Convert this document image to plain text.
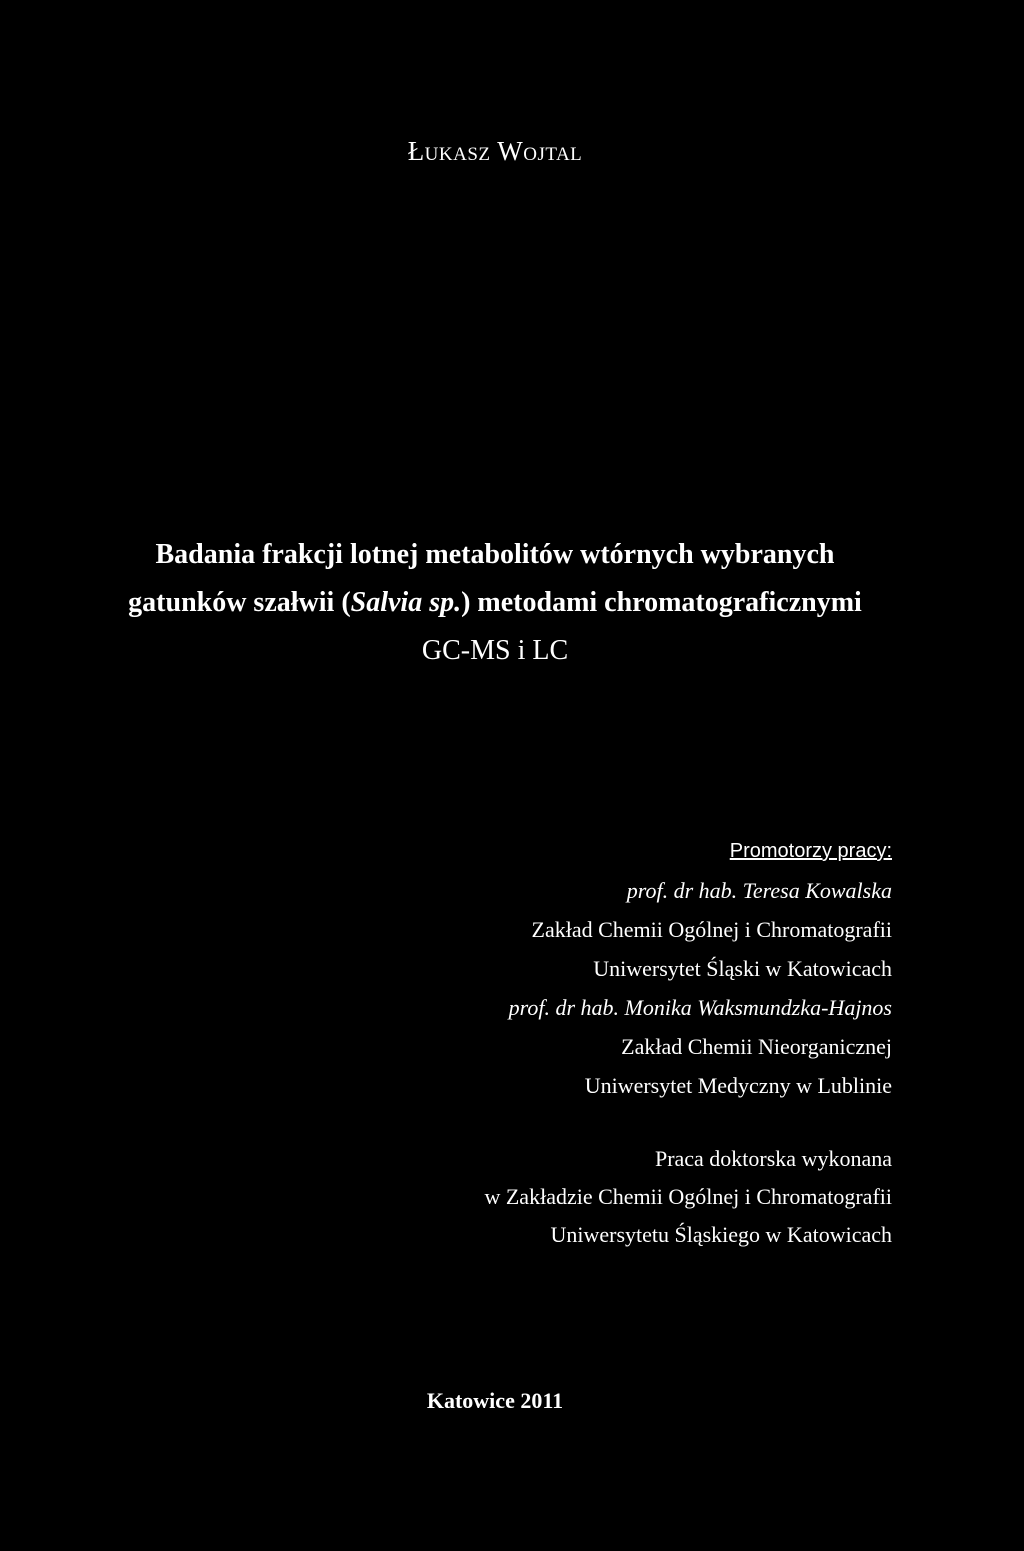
Łukasz Wojtal
Badania frakcji lotnej metabolitów wtórnych wybranych
gatunków szałwii (Salvia sp.) metodami chromatograficznymi
GC-MS i LC
Promotorzy pracy:
prof. dr hab. Teresa Kowalska
Zakład Chemii Ogólnej i Chromatografii
Uniwersytet Śląski w Katowicach
prof. dr hab. Monika Waksmundzka-Hajnos
Zakład Chemii Nieorganicznej
Uniwersytet Medyczny w Lublinie
Praca doktorska wykonana
w Zakładzie Chemii Ogólnej i Chromatografii
Uniwersytetu Śląskiego w Katowicach
Katowice 2011
